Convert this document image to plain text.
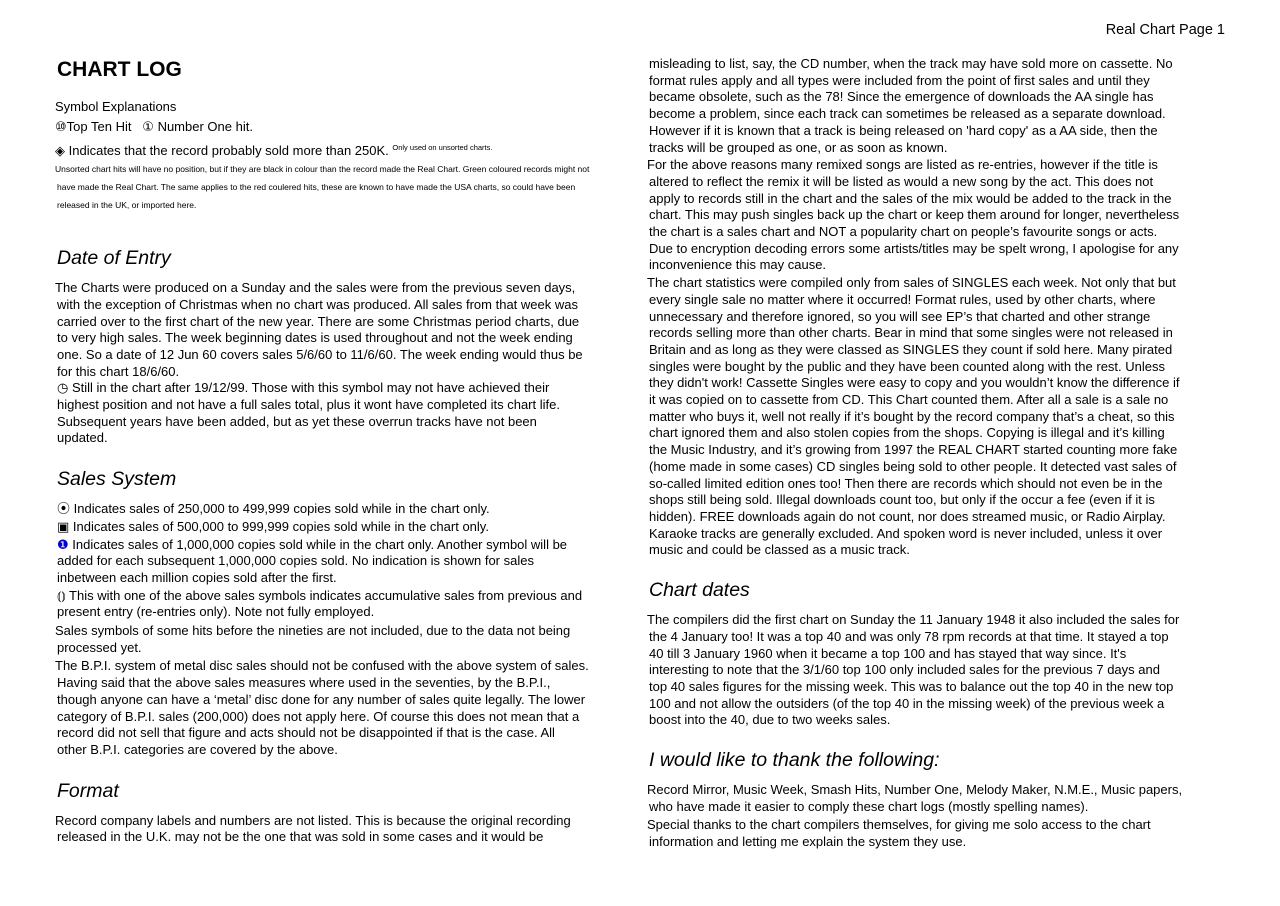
Real Chart Page 1
CHART LOG

Symbol Explanations

⑩Top Ten Hit ① Number One hit.

◈ Indicates that the record probably sold more than 250K. $^{Only used on unsorted charts.}$

Unsorted chart hits will have no position, but if they are black in colour than the record made the Real Chart. Green coloured records might not

have made the Real Chart. The same applies to the red coulered hits, these are known to have made the USA charts, so could have been

released in the UK, or imported here.

Date of Entry

The Charts were produced on a Sunday and the sales were from the previous seven days,

with the exception of Christmas when no chart was produced. All sales from that week was

carried over to the first chart of the new year. There are some Christmas period charts, due

to very high sales. The week beginning dates is used throughout and not the week ending

one. So a date of 12 Jun 60 covers sales 5/6/60 to 11/6/60. The week ending would thus be

for this chart 18/6/60.

◷ Still in the chart after 19/12/99. Those with this symbol may not have achieved their

highest position and not have a full sales total, plus it wont have completed its chart life.

Subsequent years have been added, but as yet these overrun tracks have not been

updated.

Sales System

⦿ Indicates sales of 250,000 to 499,999 copies sold while in the chart only.

▣ Indicates sales of 500,000 to 999,999 copies sold while in the chart only.

❶ Indicates sales of 1,000,000 copies sold while in the chart only. Another symbol will be

added for each subsequent 1,000,000 copies sold. No indication is shown for sales

inbetween each million copies sold after the first.

⦅⦆ This with one of the above sales symbols indicates accumulative sales from previous and

present entry (re-entries only). Note not fully employed.

Sales symbols of some hits before the nineties are not included, due to the data not being

processed yet.

The B.P.I. system of metal disc sales should not be confused with the above system of sales.

Having said that the above sales measures where used in the seventies, by the B.P.I.,

though anyone can have a ‘metal’ disc done for any number of sales quite legally. The lower

category of B.P.I. sales (200,000) does not apply here. Of course this does not mean that a

record did not sell that figure and acts should not be disappointed if that is the case. All

other B.P.I. categories are covered by the above.

Format

Record company labels and numbers are not listed. This is because the original recording

released in the U.K. may not be the one that was sold in some cases and it would be

misleading to list, say, the CD number, when the track may have sold more on cassette. No

format rules apply and all types were included from the point of first sales and until they

became obsolete, such as the 78! Since the emergence of downloads the AA single has

become a problem, since each track can sometimes be released as a separate download.

However if it is known that a track is being released on 'hard copy' as a AA side, then the

tracks will be grouped as one, or as soon as known.

For the above reasons many remixed songs are listed as re-entries, however if the title is

altered to reflect the remix it will be listed as would a new song by the act. This does not

apply to records still in the chart and the sales of the mix would be added to the track in the

chart. This may push singles back up the chart or keep them around for longer, nevertheless

the chart is a sales chart and NOT a popularity chart on people’s favourite songs or acts.

Due to encryption decoding errors some artists/titles may be spelt wrong, I apologise for any

inconvenience this may cause.

The chart statistics were compiled only from sales of SINGLES each week. Not only that but

every single sale no matter where it occurred! Format rules, used by other charts, where

unnecessary and therefore ignored, so you will see EP’s that charted and other strange

records selling more than other charts. Bear in mind that some singles were not released in

Britain and as long as they were classed as SINGLES they count if sold here. Many pirated

singles were bought by the public and they have been counted along with the rest. Unless

they didn't work! Cassette Singles were easy to copy and you wouldn’t know the difference if

it was copied on to cassette from CD. This Chart counted them. After all a sale is a sale no

matter who buys it, well not really if it’s bought by the record company that’s a cheat, so this

chart ignored them and also stolen copies from the shops. Copying is illegal and it’s killing

the Music Industry, and it’s growing from 1997 the REAL CHART started counting more fake

(home made in some cases) CD singles being sold to other people. It detected vast sales of

so-called limited edition ones too! Then there are records which should not even be in the

shops still being sold. Illegal downloads count too, but only if the occur a fee (even if it is

hidden). FREE downloads again do not count, nor does streamed music, or Radio Airplay.

Karaoke tracks are generally excluded. And spoken word is never included, unless it over

music and could be classed as a music track.

Chart dates

The compilers did the first chart on Sunday the 11 January 1948 it also included the sales for

the 4 January too! It was a top 40 and was only 78 rpm records at that time. It stayed a top

40 till 3 January 1960 when it became a top 100 and has stayed that way since. It's

interesting to note that the 3/1/60 top 100 only included sales for the previous 7 days and

top 40 sales figures for the missing week. This was to balance out the top 40 in the new top

100 and not allow the outsiders (of the top 40 in the missing week) of the previous week a

boost into the 40, due to two weeks sales.

I would like to thank the following:

Record Mirror, Music Week, Smash Hits, Number One, Melody Maker, N.M.E., Music papers,

who have made it easier to comply these chart logs (mostly spelling names).

Special thanks to the chart compilers themselves, for giving me solo access to the chart

information and letting me explain the system they use.
